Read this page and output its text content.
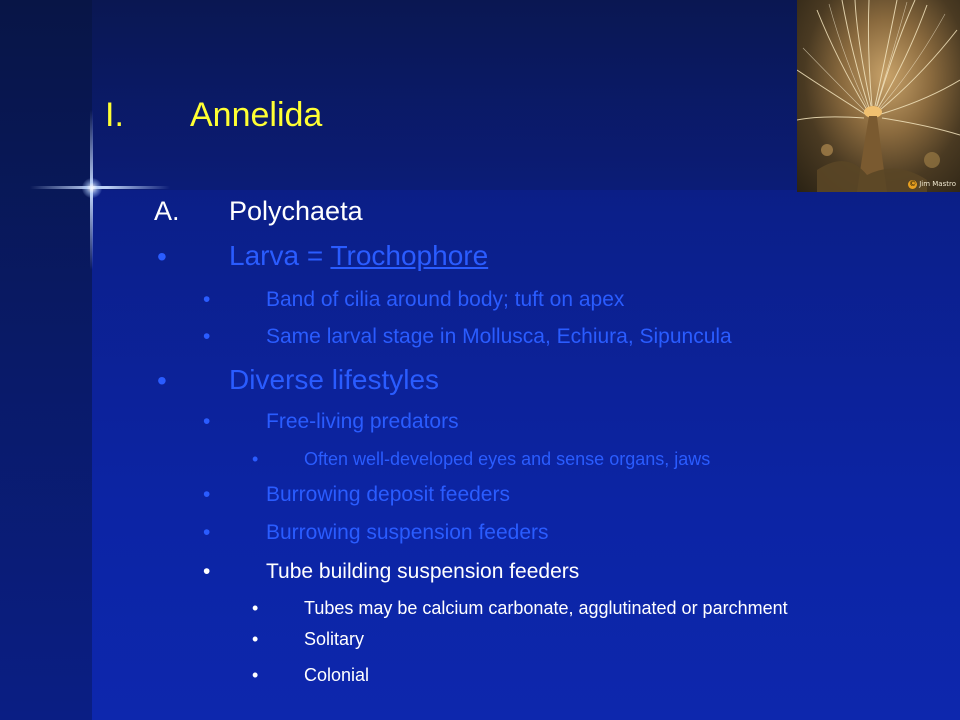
© Jim Mastro
I. Annelida
A. Polychaeta
• Larva = Trochophore
•	Band of cilia around body; tuft on apex
•	Same larval stage in Mollusca, Echiura, Sipuncula
• Diverse lifestyles
•	Free-living predators
•	Often well-developed eyes and sense organs, jaws
•	Burrowing deposit feeders
•	Burrowing suspension feeders
•	Tube building suspension feeders
•	Tubes may be calcium carbonate, agglutinated or parchment
•	Solitary
•	Colonial
